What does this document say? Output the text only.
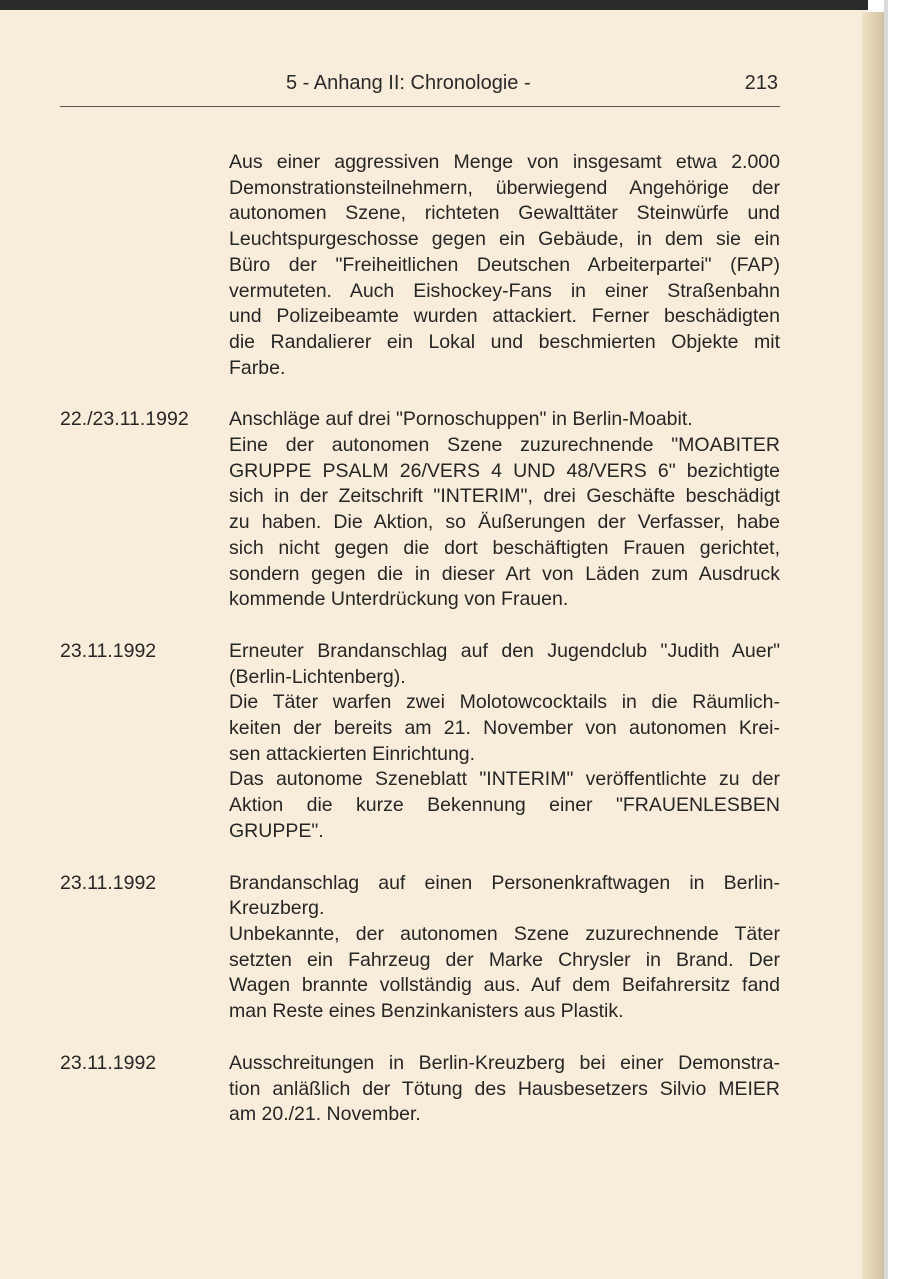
5 - Anhang II: Chronologie -	213
Aus einer aggressiven Menge von insgesamt etwa 2.000
Demonstrationsteilnehmern, überwiegend Angehörige der
autonomen Szene, richteten Gewalttäter Steinwürfe und
Leuchtspurgeschosse gegen ein Gebäude, in dem sie ein
Büro der "Freiheitlichen Deutschen Arbeiterpartei" (FAP)
vermuteten. Auch Eishockey-Fans in einer Straßenbahn
und Polizeibeamte wurden attackiert. Ferner beschädigten
die Randalierer ein Lokal und beschmierten Objekte mit
Farbe.
22./23.11.1992	Anschläge auf drei "Pornoschuppen" in Berlin-Moabit.
Eine der autonomen Szene zuzurechnende "MOABITER
GRUPPE PSALM 26/VERS 4 UND 48/VERS 6" bezichtigte
sich in der Zeitschrift "INTERIM", drei Geschäfte beschädigt
zu haben. Die Aktion, so Äußerungen der Verfasser, habe
sich nicht gegen die dort beschäftigten Frauen gerichtet,
sondern gegen die in dieser Art von Läden zum Ausdruck
kommende Unterdrückung von Frauen.
23.11.1992	Erneuter Brandanschlag auf den Jugendclub "Judith Auer"
(Berlin-Lichtenberg).
Die Täter warfen zwei Molotowcocktails in die Räumlich-
keiten der bereits am 21. November von autonomen Krei-
sen attackierten Einrichtung.
Das autonome Szeneblatt "INTERIM" veröffentlichte zu der
Aktion die kurze Bekennung einer "FRAUENLESBEN
GRUPPE".
23.11.1992	Brandanschlag auf einen Personenkraftwagen in Berlin-
Kreuzberg.
Unbekannte, der autonomen Szene zuzurechnende Täter
setzten ein Fahrzeug der Marke Chrysler in Brand. Der
Wagen brannte vollständig aus. Auf dem Beifahrersitz fand
man Reste eines Benzinkanisters aus Plastik.
23.11.1992	Ausschreitungen in Berlin-Kreuzberg bei einer Demonstra-
tion anläßlich der Tötung des Hausbesetzers Silvio MEIER
am 20./21. November.
